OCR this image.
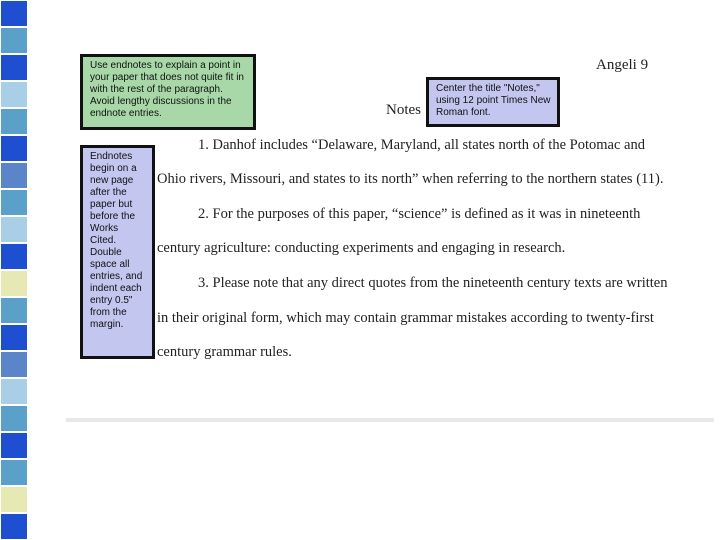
Angeli 9
Notes
Use endnotes to explain a point in your paper that does not quite fit in with the rest of the paragraph. Avoid lengthy discussions in the endnote entries.
Center the title "Notes," using 12 point Times New Roman font.
Endnotes begin on a new page after the paper but before the Works Cited. Double space all entries, and indent each entry 0.5" from the margin.
1. Danhof includes “Delaware, Maryland, all states north of the Potomac and
Ohio rivers, Missouri, and states to its north” when referring to the northern states (11).
2. For the purposes of this paper, “science” is defined as it was in nineteenth
century agriculture: conducting experiments and engaging in research.
3. Please note that any direct quotes from the nineteenth century texts are written
in their original form, which may contain grammar mistakes according to twenty-first
century grammar rules.
